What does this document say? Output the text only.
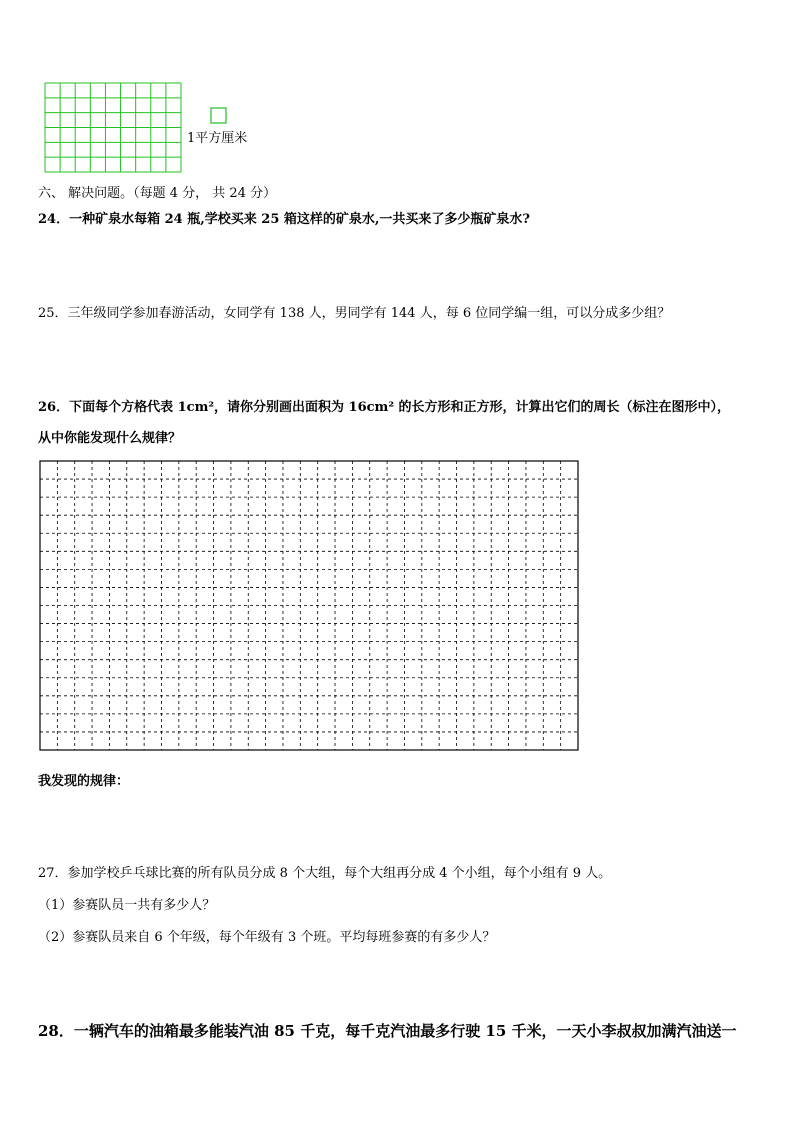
1平方厘米
六、 解决问题。（每题 4 分， 共 24 分）
24．一种矿泉水每箱 24 瓶,学校买来 25 箱这样的矿泉水,一共买来了多少瓶矿泉水?
25．三年级同学参加春游活动，女同学有 138 人，男同学有 144 人，每 6 位同学编一组，可以分成多少组？
26．下面每个方格代表 1cm²，请你分别画出面积为 16cm² 的长方形和正方形，计算出它们的周长（标注在图形中），
从中你能发现什么规律？
我发现的规律：
27．参加学校乒乓球比赛的所有队员分成 8 个大组，每个大组再分成 4 个小组，每个小组有 9 人。
（1）参赛队员一共有多少人？
（2）参赛队员来自 6 个年级，每个年级有 3 个班。平均每班参赛的有多少人？
28．一辆汽车的油箱最多能装汽油 85 千克，每千克汽油最多行驶 15 千米，一天小李叔叔加满汽油送一
